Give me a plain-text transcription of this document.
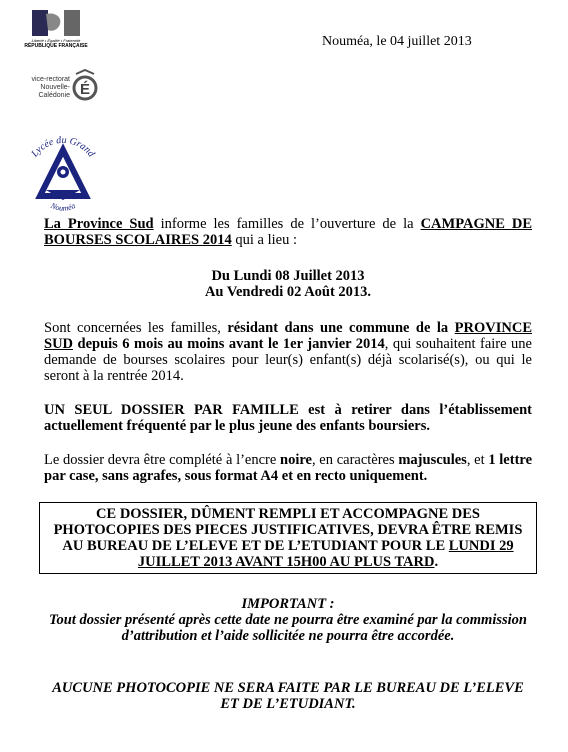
Liberté • Égalité • Fraternité
RÉPUBLIQUE FRANÇAISE
vice-rectorat
Nouvelle-Calédonie É
Lycée du Grand
Nouméa
Nouméa, le 04 juillet 2013
La Province Sud informe les familles de l’ouverture de la CAMPAGNE DE BOURSES SCOLAIRES 2014 qui a lieu :
Du Lundi 08 Juillet 2013
Au Vendredi 02 Août 2013.
Sont concernées les familles, résidant dans une commune de la PROVINCE SUD depuis 6 mois au moins avant le 1er janvier 2014, qui souhaitent faire une demande de bourses scolaires pour leur(s) enfant(s) déjà scolarisé(s), ou qui le seront à la rentrée 2014.
UN SEUL DOSSIER PAR FAMILLE est à retirer dans l’établissement actuellement fréquenté par le plus jeune des enfants boursiers.
Le dossier devra être complété à l’encre noire, en caractères majuscules, et 1 lettre par case, sans agrafes, sous format A4 et en recto uniquement.
CE DOSSIER, DÛMENT REMPLI ET ACCOMPAGNE DES PHOTOCOPIES DES PIECES JUSTIFICATIVES, DEVRA ÊTRE REMIS AU BUREAU DE L’ELEVE ET DE L’ETUDIANT POUR LE LUNDI 29 JUILLET 2013 AVANT 15H00 AU PLUS TARD.
IMPORTANT :
Tout dossier présenté après cette date ne pourra être examiné par la commission d’attribution et l’aide sollicitée ne pourra être accordée.
AUCUNE PHOTOCOPIE NE SERA FAITE PAR LE BUREAU DE L’ELEVE ET DE L’ETUDIANT.
